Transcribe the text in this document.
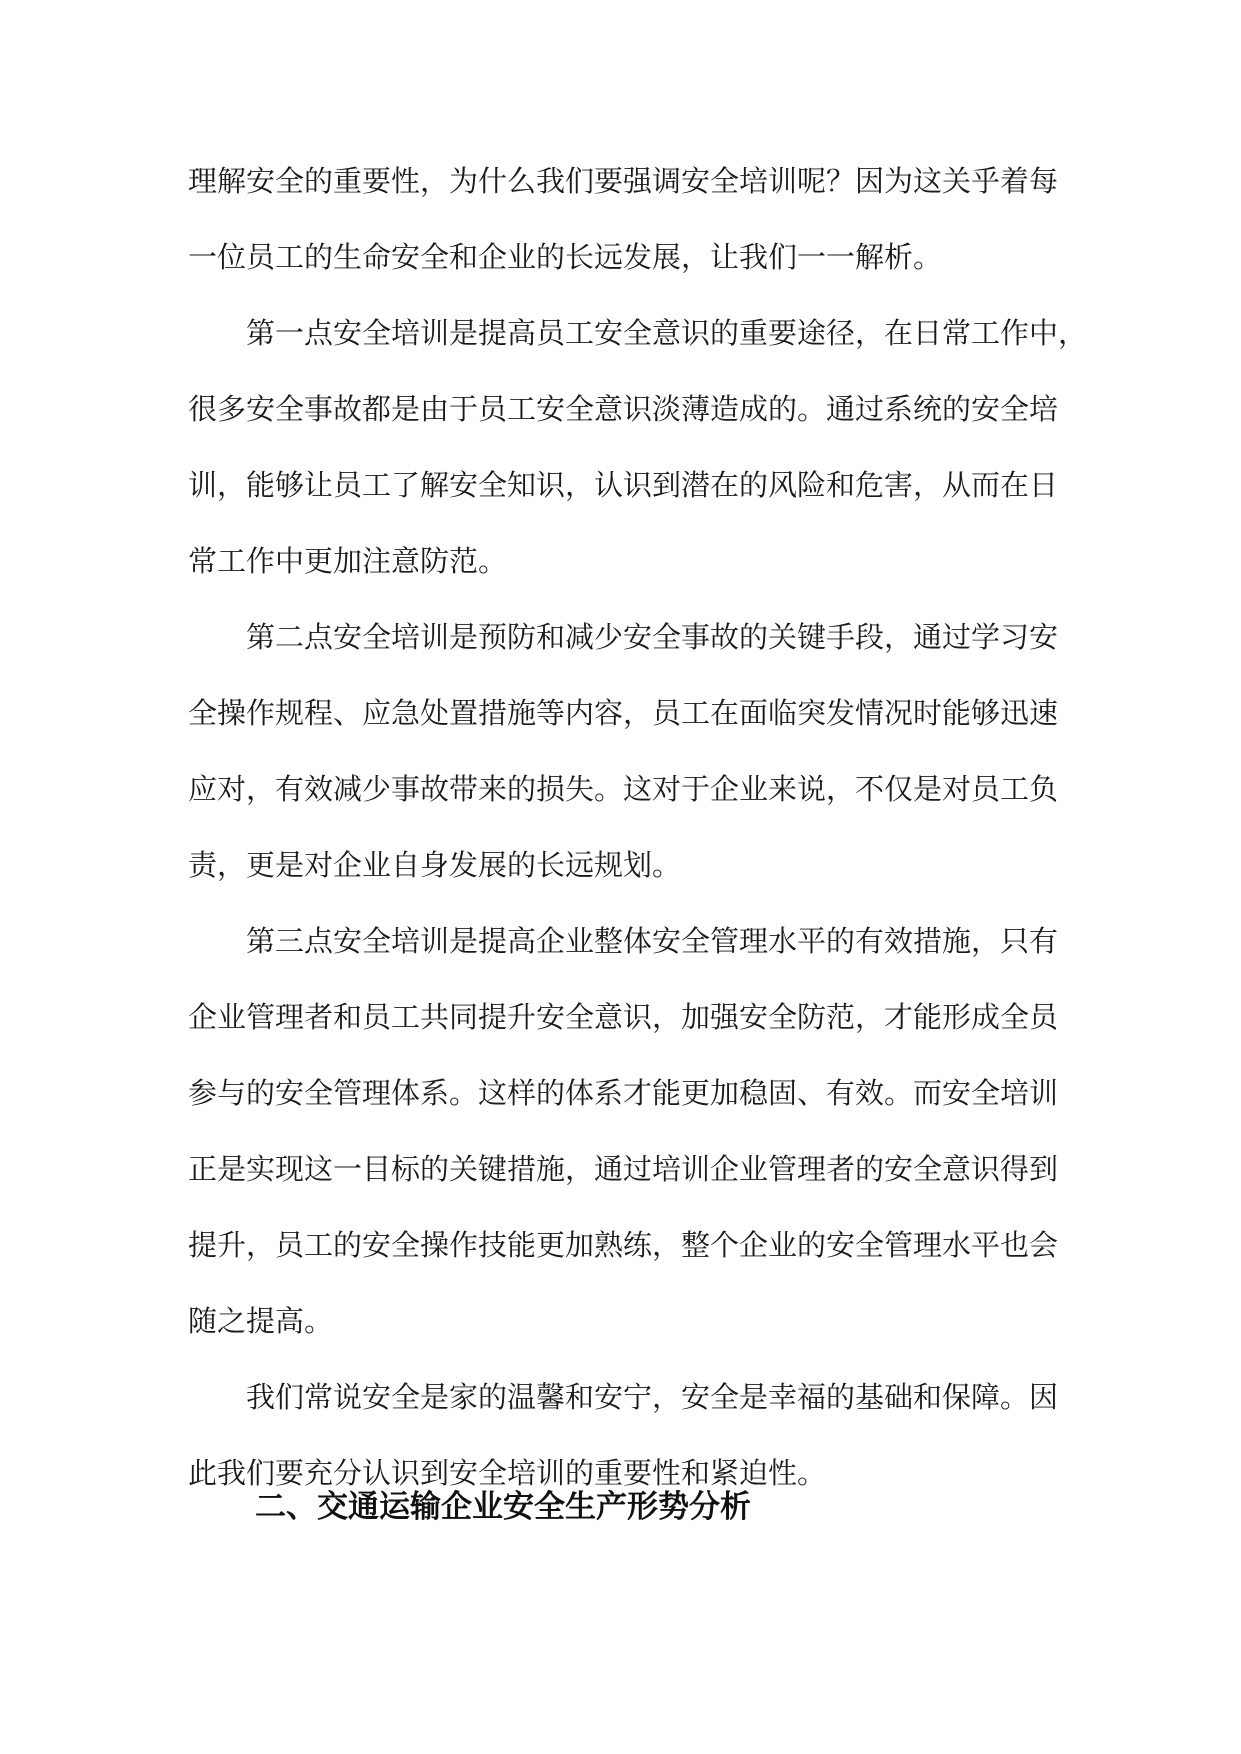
理解安全的重要性，为什么我们要强调安全培训呢？因为这关乎着每
一位员工的生命安全和企业的长远发展，让我们一一解析。
第一点安全培训是提高员工安全意识的重要途径，在日常工作中，
很多安全事故都是由于员工安全意识淡薄造成的。通过系统的安全培
训，能够让员工了解安全知识，认识到潜在的风险和危害，从而在日
常工作中更加注意防范。
第二点安全培训是预防和减少安全事故的关键手段，通过学习安
全操作规程、应急处置措施等内容，员工在面临突发情况时能够迅速
应对，有效减少事故带来的损失。这对于企业来说，不仅是对员工负
责，更是对企业自身发展的长远规划。
第三点安全培训是提高企业整体安全管理水平的有效措施，只有
企业管理者和员工共同提升安全意识，加强安全防范，才能形成全员
参与的安全管理体系。这样的体系才能更加稳固、有效。而安全培训
正是实现这一目标的关键措施，通过培训企业管理者的安全意识得到
提升，员工的安全操作技能更加熟练，整个企业的安全管理水平也会
随之提高。
我们常说安全是家的温馨和安宁，安全是幸福的基础和保障。因
此我们要充分认识到安全培训的重要性和紧迫性。
二、交通运输企业安全生产形势分析
